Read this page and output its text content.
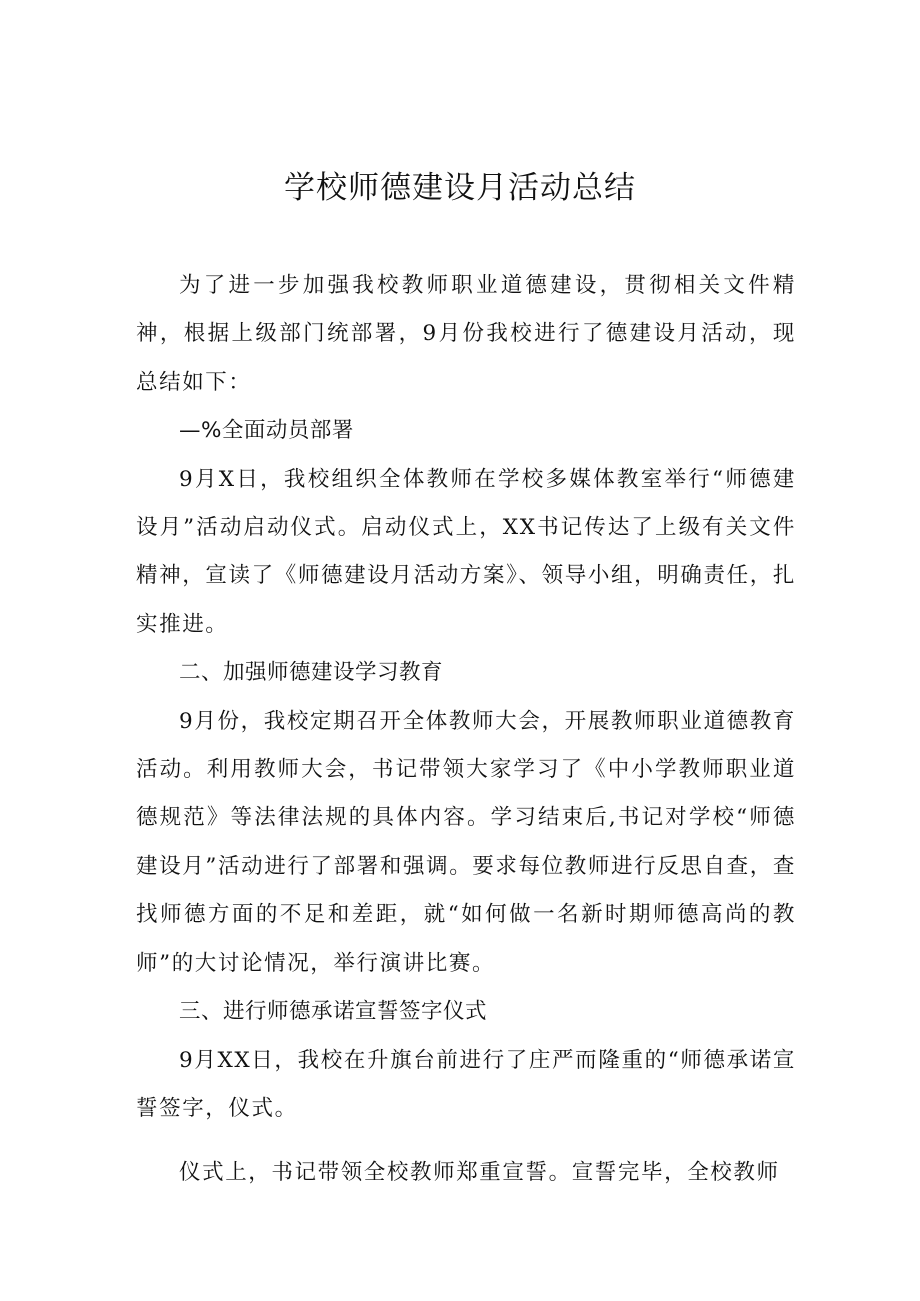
学校师德建设月活动总结

为了进一步加强我校教师职业道德建设，贯彻相关文件精神，根据上级部门统部署，9月份我校进行了德建设月活动，现总结如下：

—%全面动员部署

9月X日，我校组织全体教师在学校多媒体教室举行“师德建设月”活动启动仪式。启动仪式上，XX书记传达了上级有关文件精神，宣读了《师德建设月活动方案》、领导小组，明确责任，扎实推进。

二、加强师德建设学习教育

9月份，我校定期召开全体教师大会，开展教师职业道德教育活动。利用教师大会，书记带领大家学习了《中小学教师职业道德规范》等法律法规的具体内容。学习结束后,书记对学校“师德建设月”活动进行了部署和强调。要求每位教师进行反思自查，查找师德方面的不足和差距，就“如何做一名新时期师德高尚的教师”的大讨论情况，举行演讲比赛。

三、进行师德承诺宣誓签字仪式

9月XX日，我校在升旗台前进行了庄严而隆重的“师德承诺宣誓签字，仪式。

仪式上，书记带领全校教师郑重宣誓。宣誓完毕，全校教师
